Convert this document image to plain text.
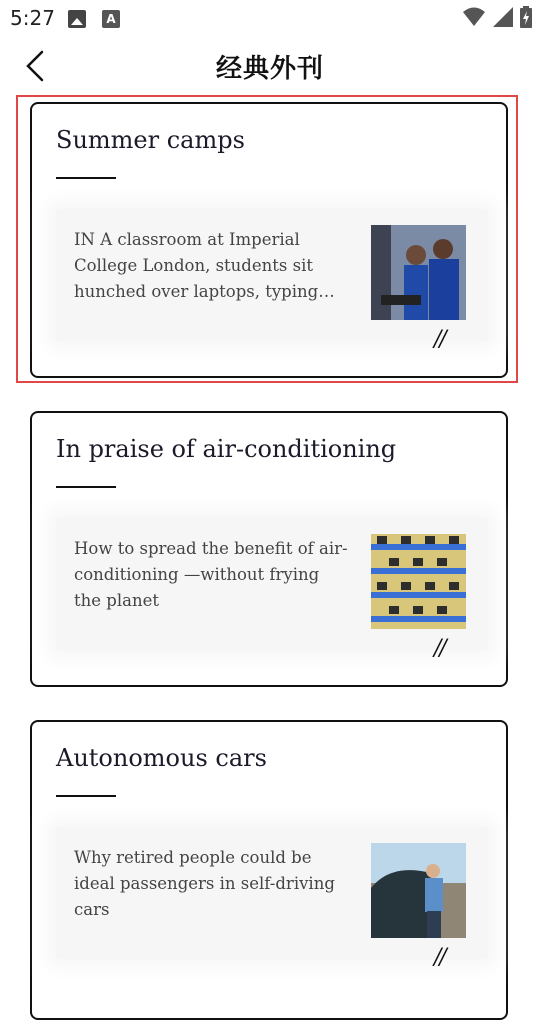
5:27	A
经典外刊
Summer camps
IN A classroom at Imperial College London, students sit hunched over laptops, typing…
//
In praise of air-conditioning
How to spread the benefit of air-conditioning —without frying the planet
//
Autonomous cars
Why retired people could be ideal passengers in self-driving cars
//
